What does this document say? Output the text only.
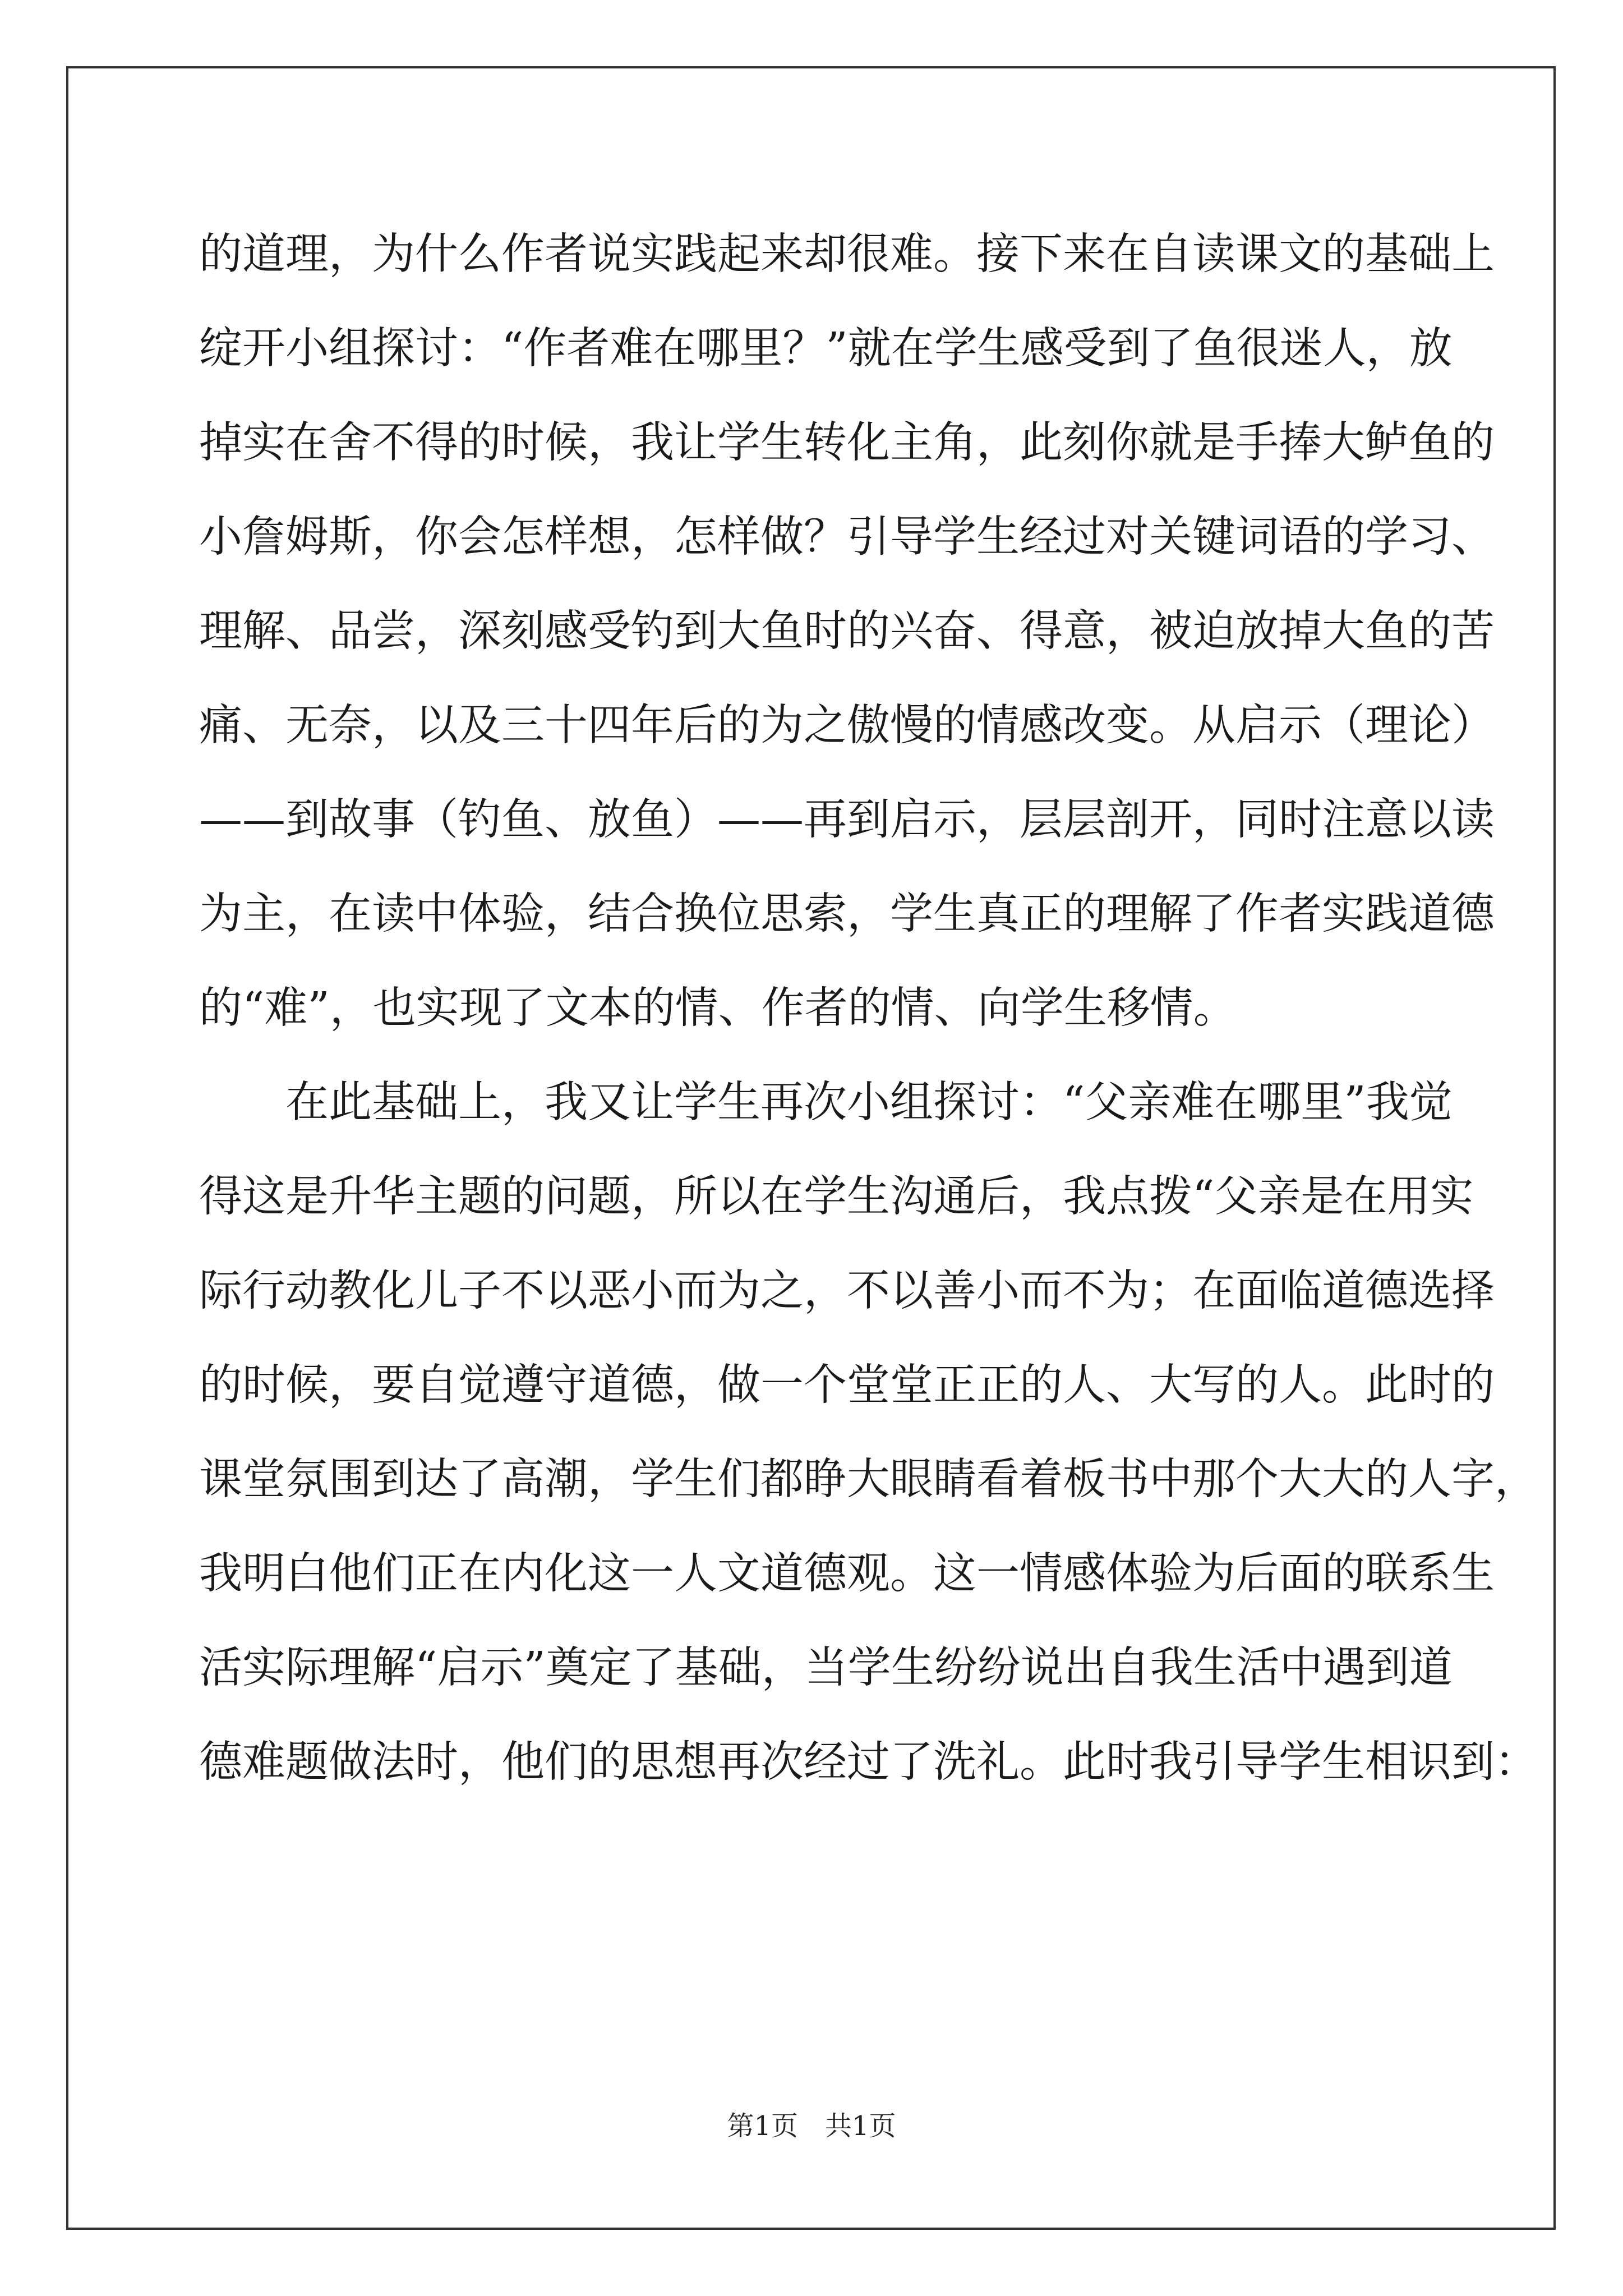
的道理，为什么作者说实践起来却很难。接下来在自读课文的基础上
绽开小组探讨：“作者难在哪里？”就在学生感受到了鱼很迷人，放
掉实在舍不得的时候，我让学生转化主角，此刻你就是手捧大鲈鱼的
小詹姆斯，你会怎样想，怎样做？引导学生经过对关键词语的学习、
理解、品尝，深刻感受钓到大鱼时的兴奋、得意，被迫放掉大鱼的苦
痛、无奈，以及三十四年后的为之傲慢的情感改变。从启示（理论）
——到故事（钓鱼、放鱼）——再到启示，层层剖开，同时注意以读
为主，在读中体验，结合换位思索，学生真正的理解了作者实践道德
的“难”，也实现了文本的情、作者的情、向学生移情。
　　在此基础上，我又让学生再次小组探讨：“父亲难在哪里”我觉
得这是升华主题的问题，所以在学生沟通后，我点拨“父亲是在用实
际行动教化儿子不以恶小而为之，不以善小而不为；在面临道德选择
的时候，要自觉遵守道德，做一个堂堂正正的人、大写的人。此时的
课堂氛围到达了高潮，学生们都睁大眼睛看着板书中那个大大的人字，
我明白他们正在内化这一人文道德观。这一情感体验为后面的联系生
活实际理解“启示”奠定了基础，当学生纷纷说出自我生活中遇到道
德难题做法时，他们的思想再次经过了洗礼。此时我引导学生相识到：
第1页　共1页
